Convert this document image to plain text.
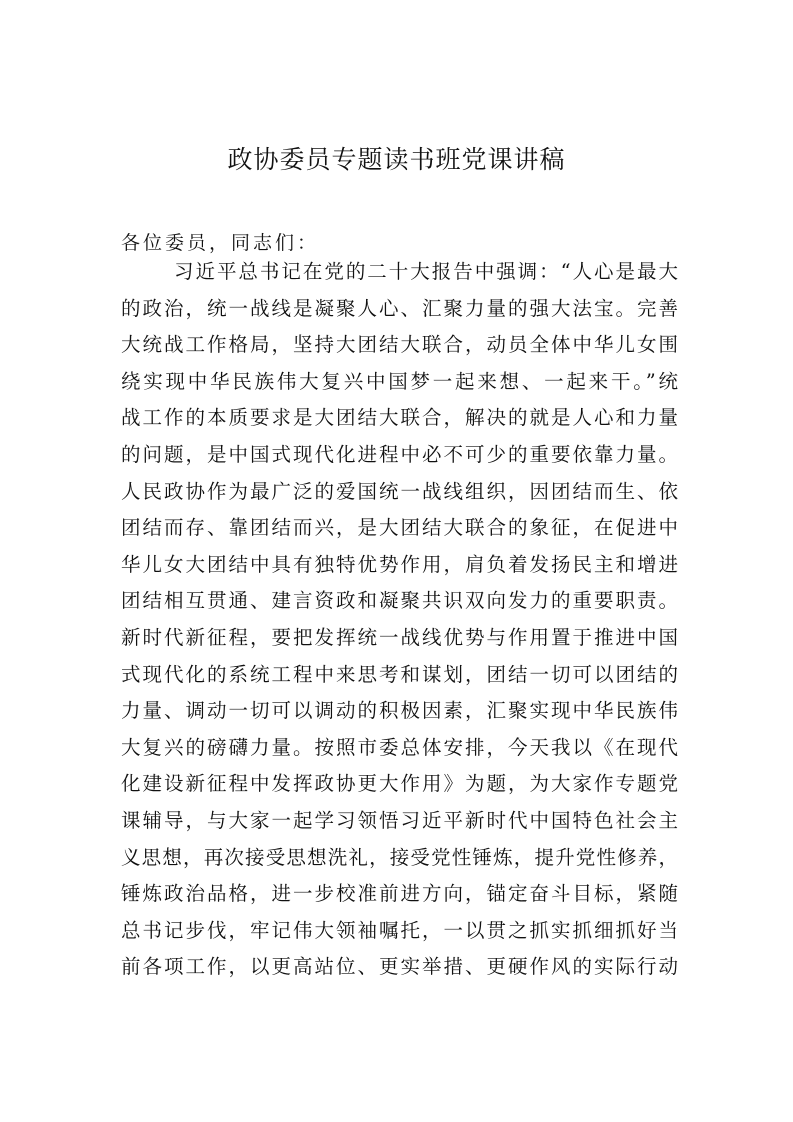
政协委员专题读书班党课讲稿
各位委员，同志们：
习近平总书记在党的二十大报告中强调：“人心是最大
的政治，统一战线是凝聚人心、汇聚力量的强大法宝。完善
大统战工作格局，坚持大团结大联合，动员全体中华儿女围
绕实现中华民族伟大复兴中国梦一起来想、一起来干。”统
战工作的本质要求是大团结大联合，解决的就是人心和力量
的问题，是中国式现代化进程中必不可少的重要依靠力量。
人民政协作为最广泛的爱国统一战线组织，因团结而生、依
团结而存、靠团结而兴，是大团结大联合的象征，在促进中
华儿女大团结中具有独特优势作用，肩负着发扬民主和增进
团结相互贯通、建言资政和凝聚共识双向发力的重要职责。
新时代新征程，要把发挥统一战线优势与作用置于推进中国
式现代化的系统工程中来思考和谋划，团结一切可以团结的
力量、调动一切可以调动的积极因素，汇聚实现中华民族伟
大复兴的磅礴力量。按照市委总体安排，今天我以《在现代
化建设新征程中发挥政协更大作用》为题，为大家作专题党
课辅导，与大家一起学习领悟习近平新时代中国特色社会主
义思想，再次接受思想洗礼，接受党性锤炼，提升党性修养，
锤炼政治品格，进一步校准前进方向，锚定奋斗目标，紧随
总书记步伐，牢记伟大领袖嘱托，一以贯之抓实抓细抓好当
前各项工作，以更高站位、更实举措、更硬作风的实际行动
